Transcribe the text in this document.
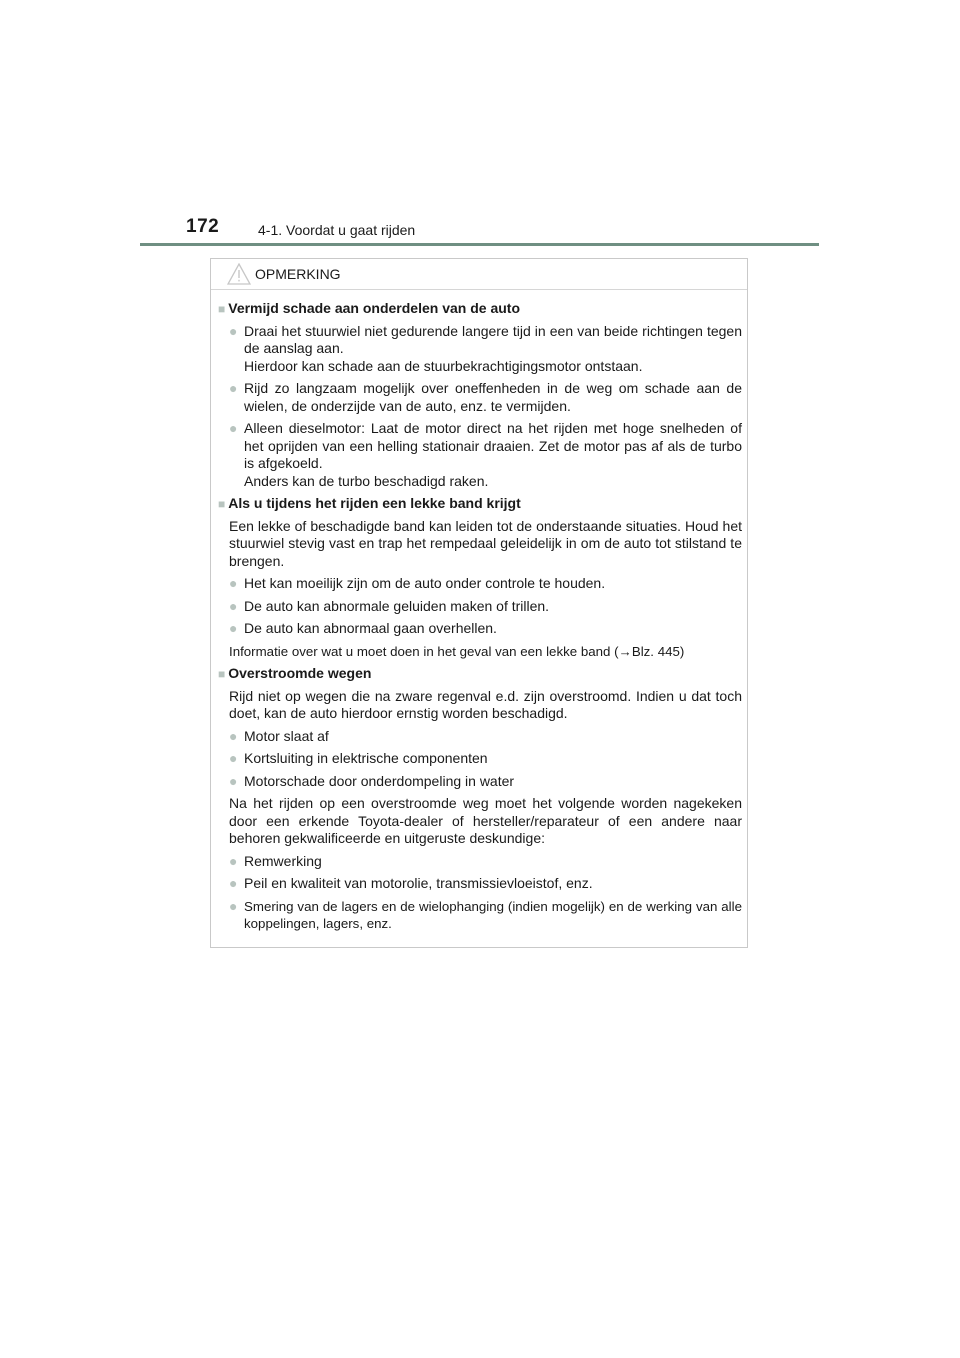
172	4-1. Voordat u gaat rijden
OPMERKING
■ Vermijd schade aan onderdelen van de auto
● Draai het stuurwiel niet gedurende langere tijd in een van beide richtingen tegen de aanslag aan.

Hierdoor kan schade aan de stuurbekrachtigingsmotor ontstaan.

● Rijd zo langzaam mogelijk over oneffenheden in de weg om schade aan de wielen, de onderzijde van de auto, enz. te vermijden.

● Alleen dieselmotor: Laat de motor direct na het rijden met hoge snelheden of het oprijden van een helling stationair draaien. Zet de motor pas af als de turbo is afgekoeld.

Anders kan de turbo beschadigd raken.

■ Als u tijdens het rijden een lekke band krijgt

Een lekke of beschadigde band kan leiden tot de onderstaande situaties. Houd het stuurwiel stevig vast en trap het rempedaal geleidelijk in om de auto tot stilstand te brengen.

● Het kan moeilijk zijn om de auto onder controle te houden.

● De auto kan abnormale geluiden maken of trillen.

● De auto kan abnormaal gaan overhellen.

Informatie over wat u moet doen in het geval van een lekke band (→Blz. 445)

■ Overstroomde wegen

Rijd niet op wegen die na zware regenval e.d. zijn overstroomd. Indien u dat toch doet, kan de auto hierdoor ernstig worden beschadigd.

● Motor slaat af

● Kortsluiting in elektrische componenten

● Motorschade door onderdompeling in water

Na het rijden op een overstroomde weg moet het volgende worden nagekeken door een erkende Toyota-dealer of hersteller/reparateur of een andere naar behoren gekwalificeerde en uitgeruste deskundige:

● Remwerking

● Peil en kwaliteit van motorolie, transmissievloeistof, enz.

● Smering van de lagers en de wielophanging (indien mogelijk) en de werking van alle koppelingen, lagers, enz.
